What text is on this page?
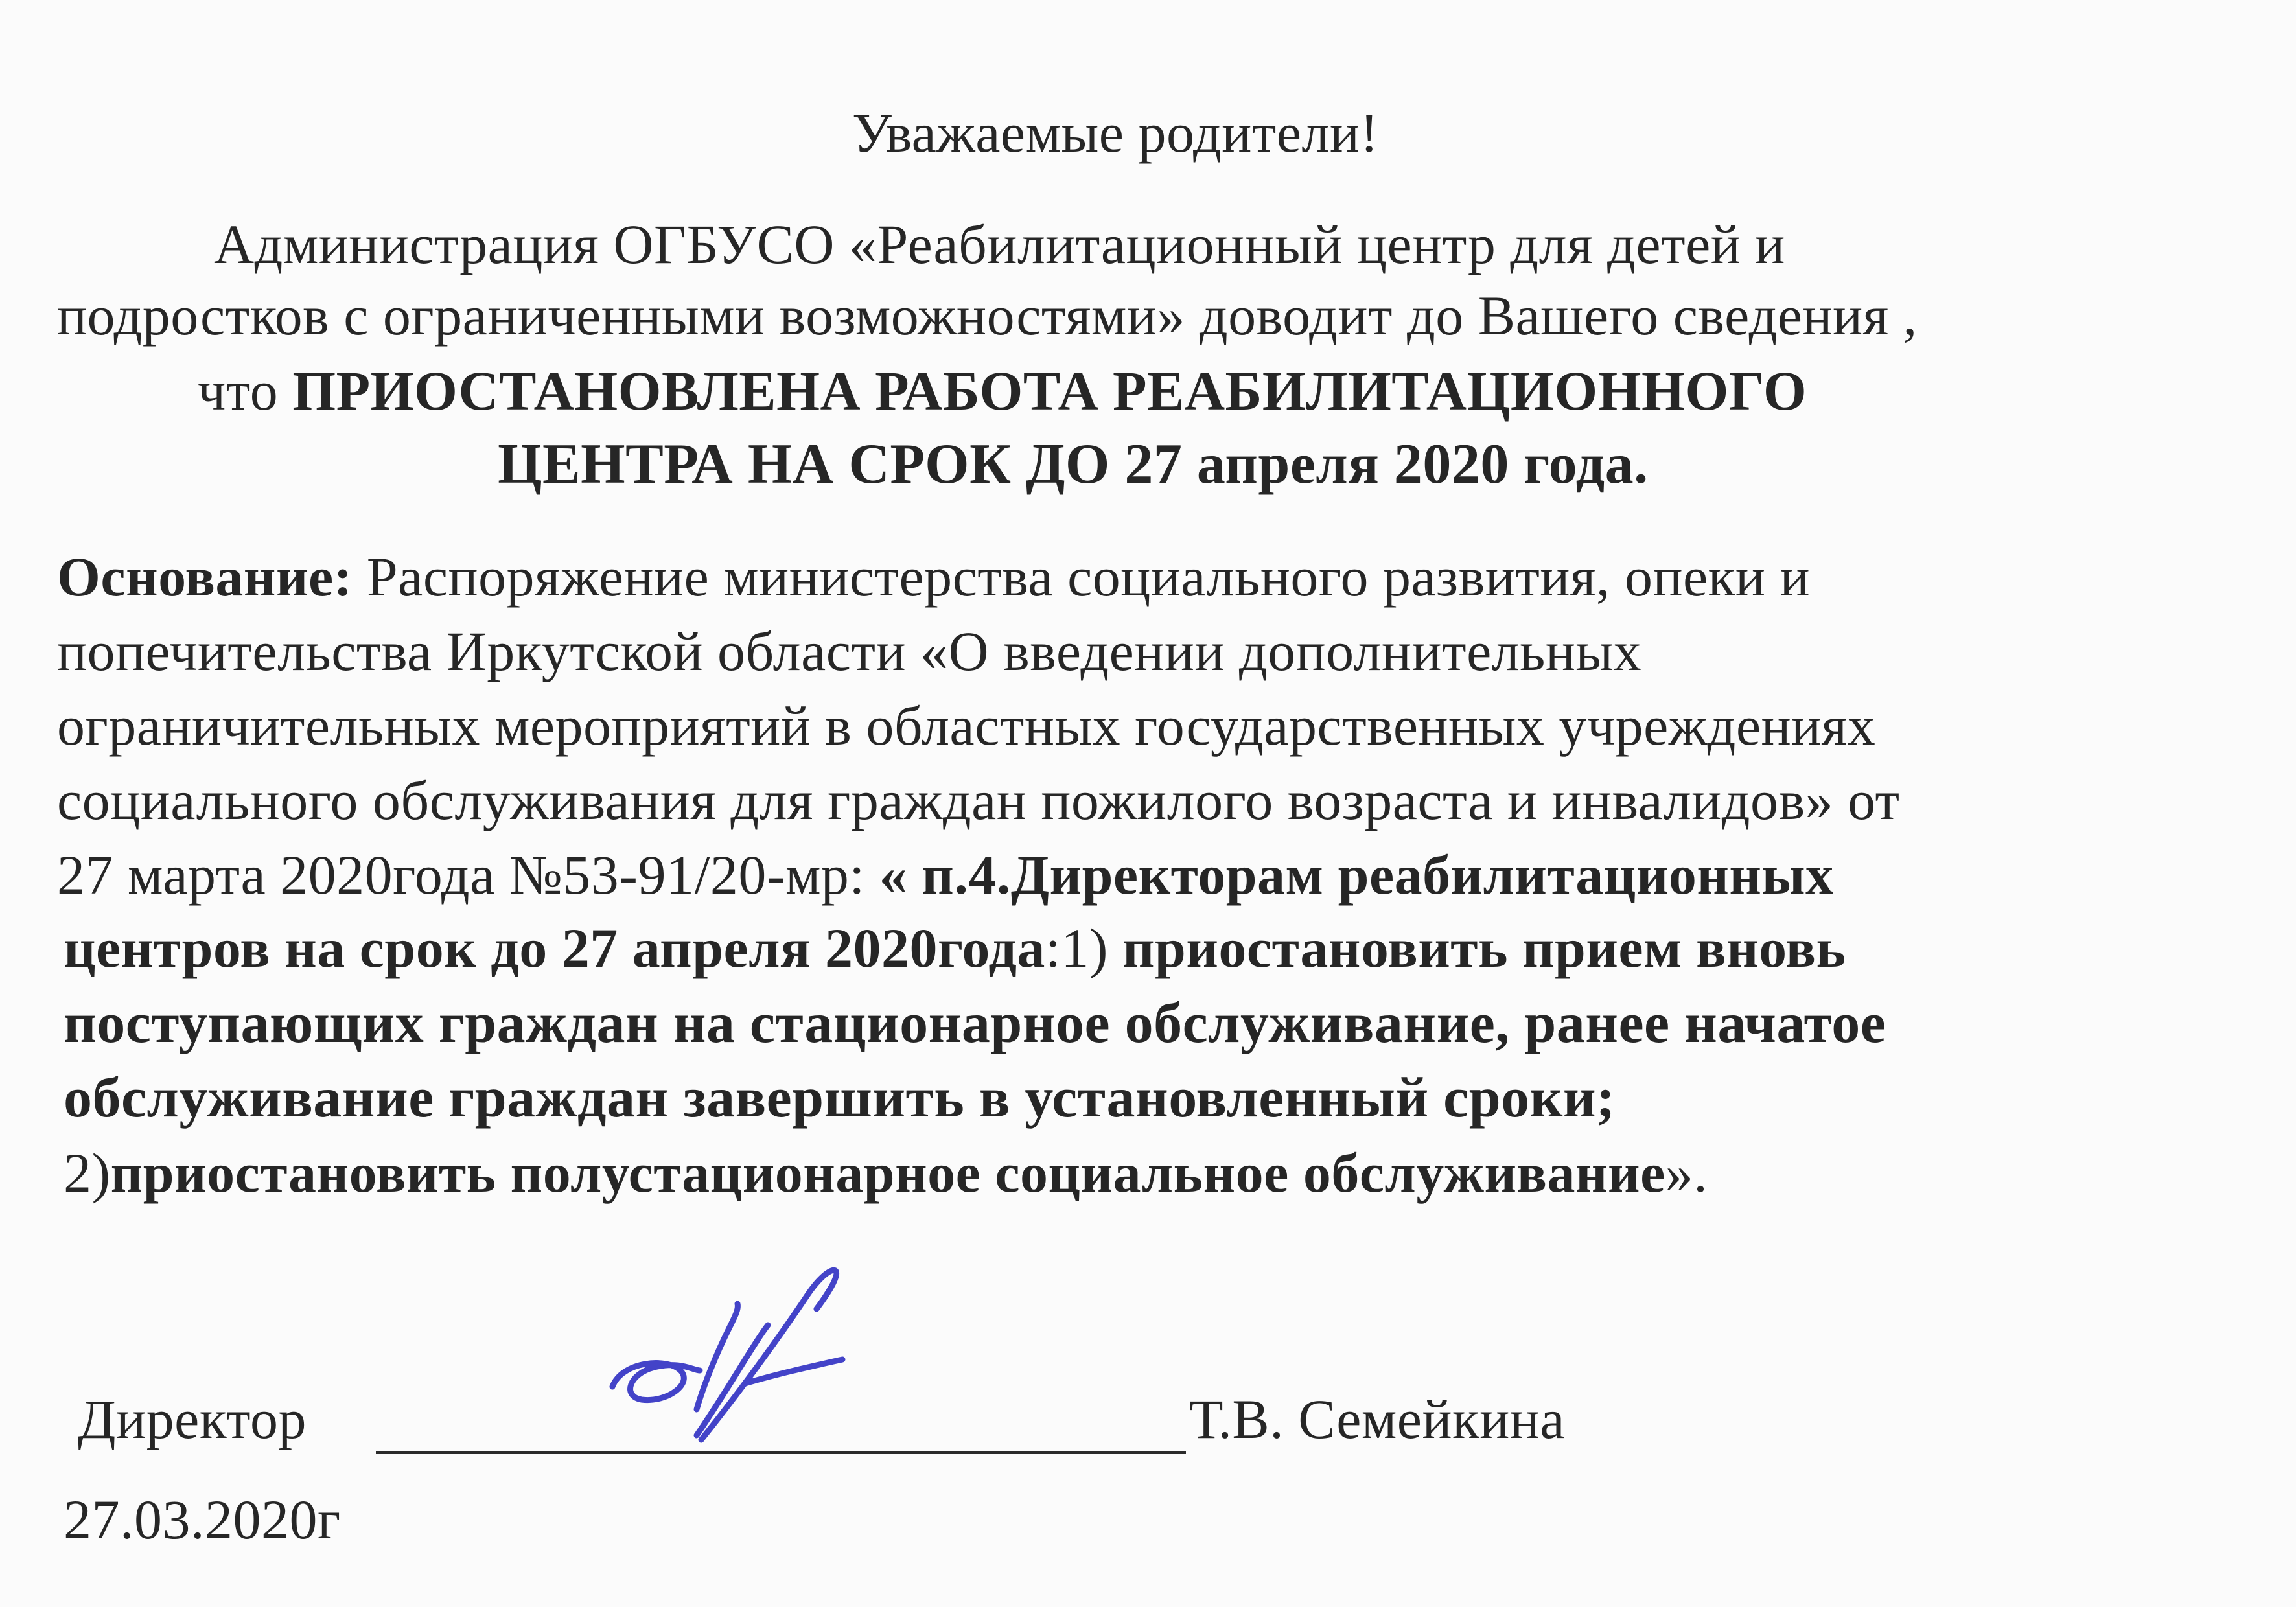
Уважаемые родители!
Администрация ОГБУСО «Реабилитационный центр для детей и
подростков с ограниченными возможностями» доводит до Вашего сведения ,
что ПРИОСТАНОВЛЕНА РАБОТА РЕАБИЛИТАЦИОННОГО
ЦЕНТРА НА СРОК ДО 27 апреля 2020 года.
Основание: Распоряжение министерства социального развития, опеки и
попечительства Иркутской области «О введении дополнительных
ограничительных мероприятий в областных государственных учреждениях
социального обслуживания для граждан пожилого возраста и инвалидов» от
27 марта 2020года №53-91/20-мр: « п.4.Директорам реабилитационных
центров на срок до 27 апреля 2020года:1) приостановить прием вновь
поступающих граждан на стационарное обслуживание, ранее начатое
обслуживание граждан завершить в установленный сроки;
2)приостановить полустационарное социальное обслуживание».
Директор	Т.В. Семейкина
27.03.2020г
